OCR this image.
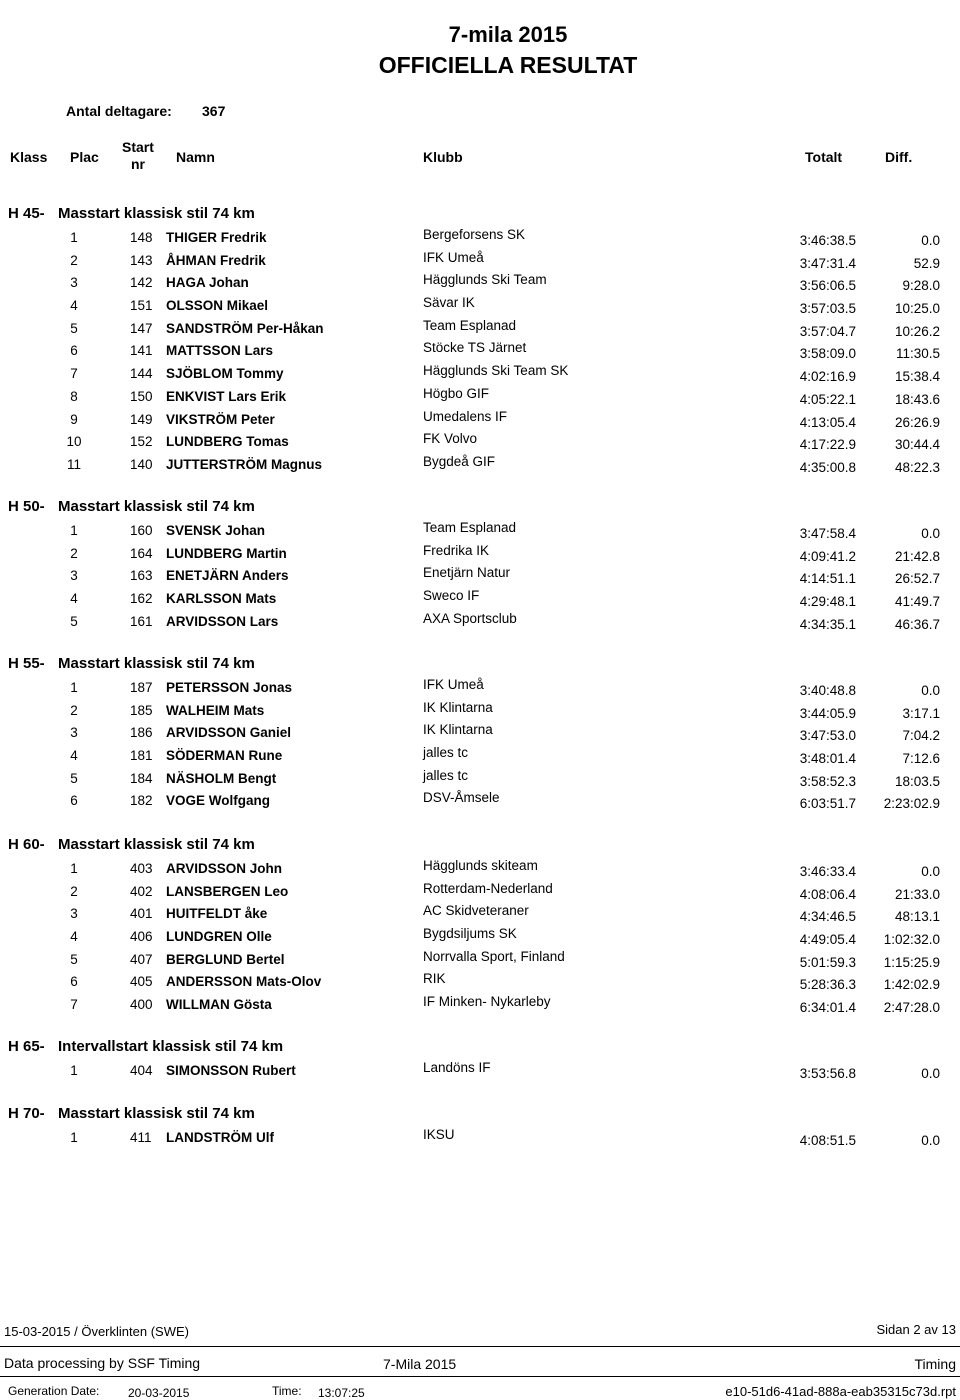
7-mila 2015
OFFICIELLA RESULTAT
Antal deltagare: 367
Klass Plac
Start
nr	Namn	Klubb	Totalt	Diff.
H 45- Masstart klassisk stil 74 km
1	148 THIGER Fredrik	Bergeforsens SK	3:46:38.5	0.0
2	143 ÅHMAN Fredrik	IFK Umeå	3:47:31.4	52.9
3	142 HAGA Johan	Hägglunds Ski Team	3:56:06.5	9:28.0
4	151 OLSSON Mikael	Sävar IK	3:57:03.5	10:25.0
5	147 SANDSTRÖM Per-Håkan	Team Esplanad	3:57:04.7	10:26.2
6	141 MATTSSON Lars	Stöcke TS Järnet	3:58:09.0	11:30.5
7	144 SJÖBLOM Tommy	Hägglunds Ski Team SK	4:02:16.9	15:38.4
8	150 ENKVIST Lars Erik	Högbo GIF	4:05:22.1	18:43.6
9	149 VIKSTRÖM Peter	Umedalens IF	4:13:05.4	26:26.9
10	152 LUNDBERG Tomas	FK Volvo	4:17:22.9	30:44.4
11	140 JUTTERSTRÖM Magnus	Bygdeå GIF	4:35:00.8	48:22.3
H 50- Masstart klassisk stil 74 km
1	160 SVENSK Johan	Team Esplanad	3:47:58.4	0.0
2	164 LUNDBERG Martin	Fredrika IK	4:09:41.2	21:42.8
3	163 ENETJÄRN Anders	Enetjärn Natur	4:14:51.1	26:52.7
4	162 KARLSSON Mats	Sweco IF	4:29:48.1	41:49.7
5	161 ARVIDSSON Lars	AXA Sportsclub	4:34:35.1	46:36.7
H 55- Masstart klassisk stil 74 km
1	187 PETERSSON Jonas	IFK Umeå	3:40:48.8	0.0
2	185 WALHEIM Mats	IK Klintarna	3:44:05.9	3:17.1
3	186 ARVIDSSON Ganiel	IK Klintarna	3:47:53.0	7:04.2
4	181 SÖDERMAN Rune	jalles tc	3:48:01.4	7:12.6
5	184 NÄSHOLM Bengt	jalles tc	3:58:52.3	18:03.5
6	182 VOGE Wolfgang	DSV-Åmsele	6:03:51.7 2:23:02.9
H 60- Masstart klassisk stil 74 km
1	403 ARVIDSSON John	Hägglunds skiteam	3:46:33.4	0.0
2	402 LANSBERGEN Leo	Rotterdam-Nederland	4:08:06.4	21:33.0
3	401 HUITFELDT åke	AC Skidveteraner	4:34:46.5	48:13.1
4	406 LUNDGREN Olle	Bygdsiljums SK	4:49:05.4 1:02:32.0
5	407 BERGLUND Bertel	Norrvalla Sport, Finland	5:01:59.3 1:15:25.9
6	405 ANDERSSON Mats-Olov	RIK	5:28:36.3 1:42:02.9
7	400 WILLMAN Gösta	IF Minken- Nykarleby	6:34:01.4 2:47:28.0
H 65- Intervallstart klassisk stil 74 km
1	404 SIMONSSON Rubert	Landöns IF	3:53:56.8	0.0
H 70- Masstart klassisk stil 74 km
1	411 LANDSTRÖM Ulf	IKSU	4:08:51.5	0.0
15-03-2015 / Överklinten (SWE)	Sidan 2 av 13
Data processing by SSF Timing	7-Mila 2015	Timing
Generation Date: 20-03-2015	Time: 13:07:25	e10-51d6-41ad-888a-eab35315c73d.rpt
